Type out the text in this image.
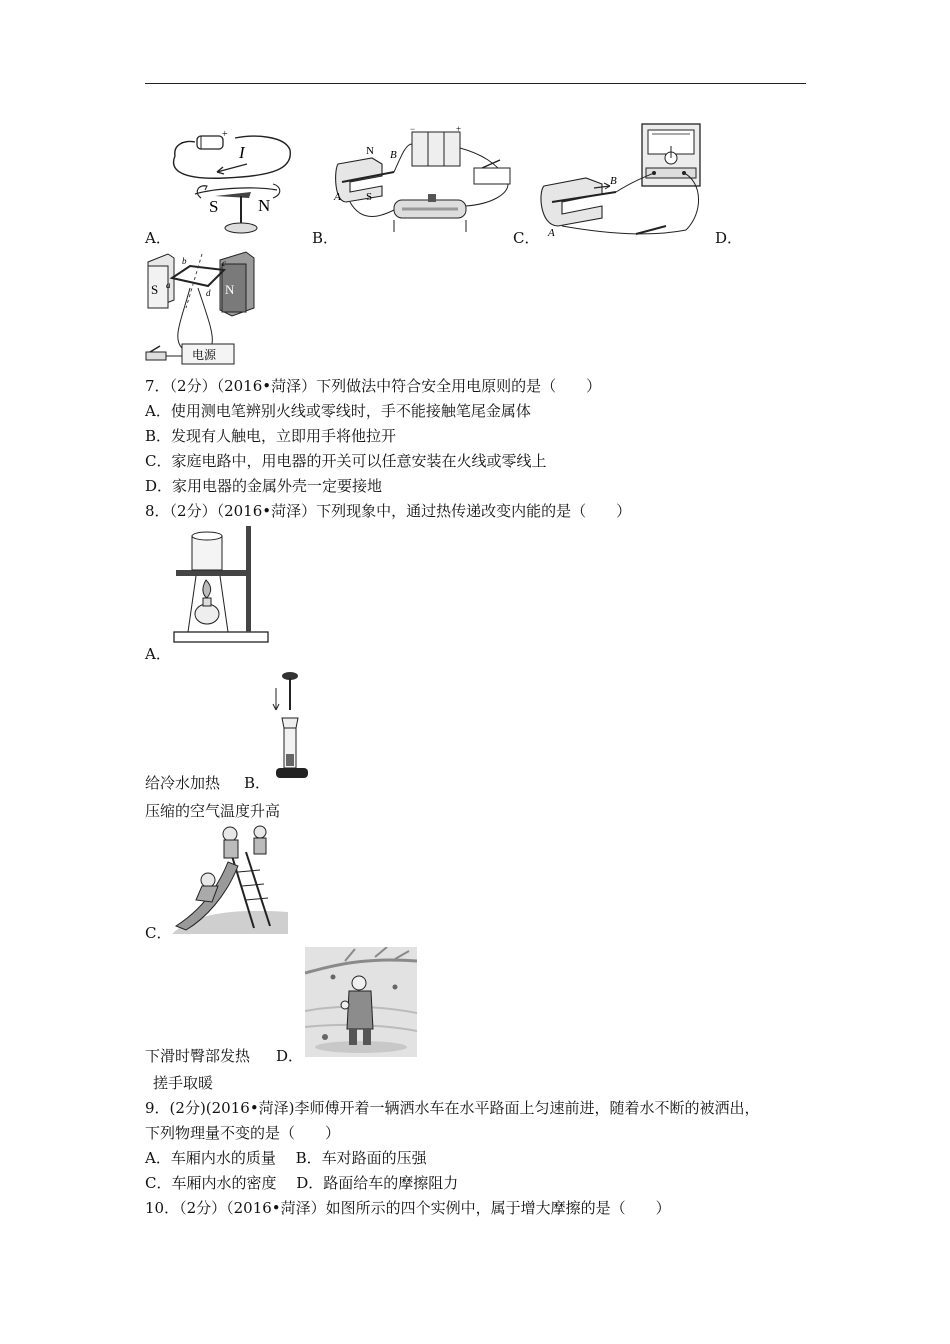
−
+
I
S N
A．
−	+
N B
A S
B．
B
A
C．	D．
S	N
b	c
a
d
电源
7．（2分）（2016•菏泽）下列做法中符合安全用电原则的是（　　）
A．使用测电笔辨别火线或零线时，手不能接触笔尾金属体
B．发现有人触电，立即用手将他拉开
C．家庭电路中，用电器的开关可以任意安装在火线或零线上
D．家用电器的金属外壳一定要接地
8．（2分）（2016•菏泽）下列现象中，通过热传递改变内能的是（　　）
A．
给冷水加热 B．
压缩的空气温度升高
C．
下滑时臀部发热 D．
搓手取暖
9．(2分)(2016•菏泽)李师傅开着一辆洒水车在水平路面上匀速前进，随着水不断的被洒出，
下列物理量不变的是（　　）
A．车厢内水的质量　 B．车对路面的压强
C．车厢内水的密度　 D．路面给车的摩擦阻力
10．（2分）（2016•菏泽）如图所示的四个实例中，属于增大摩擦的是（　　）
